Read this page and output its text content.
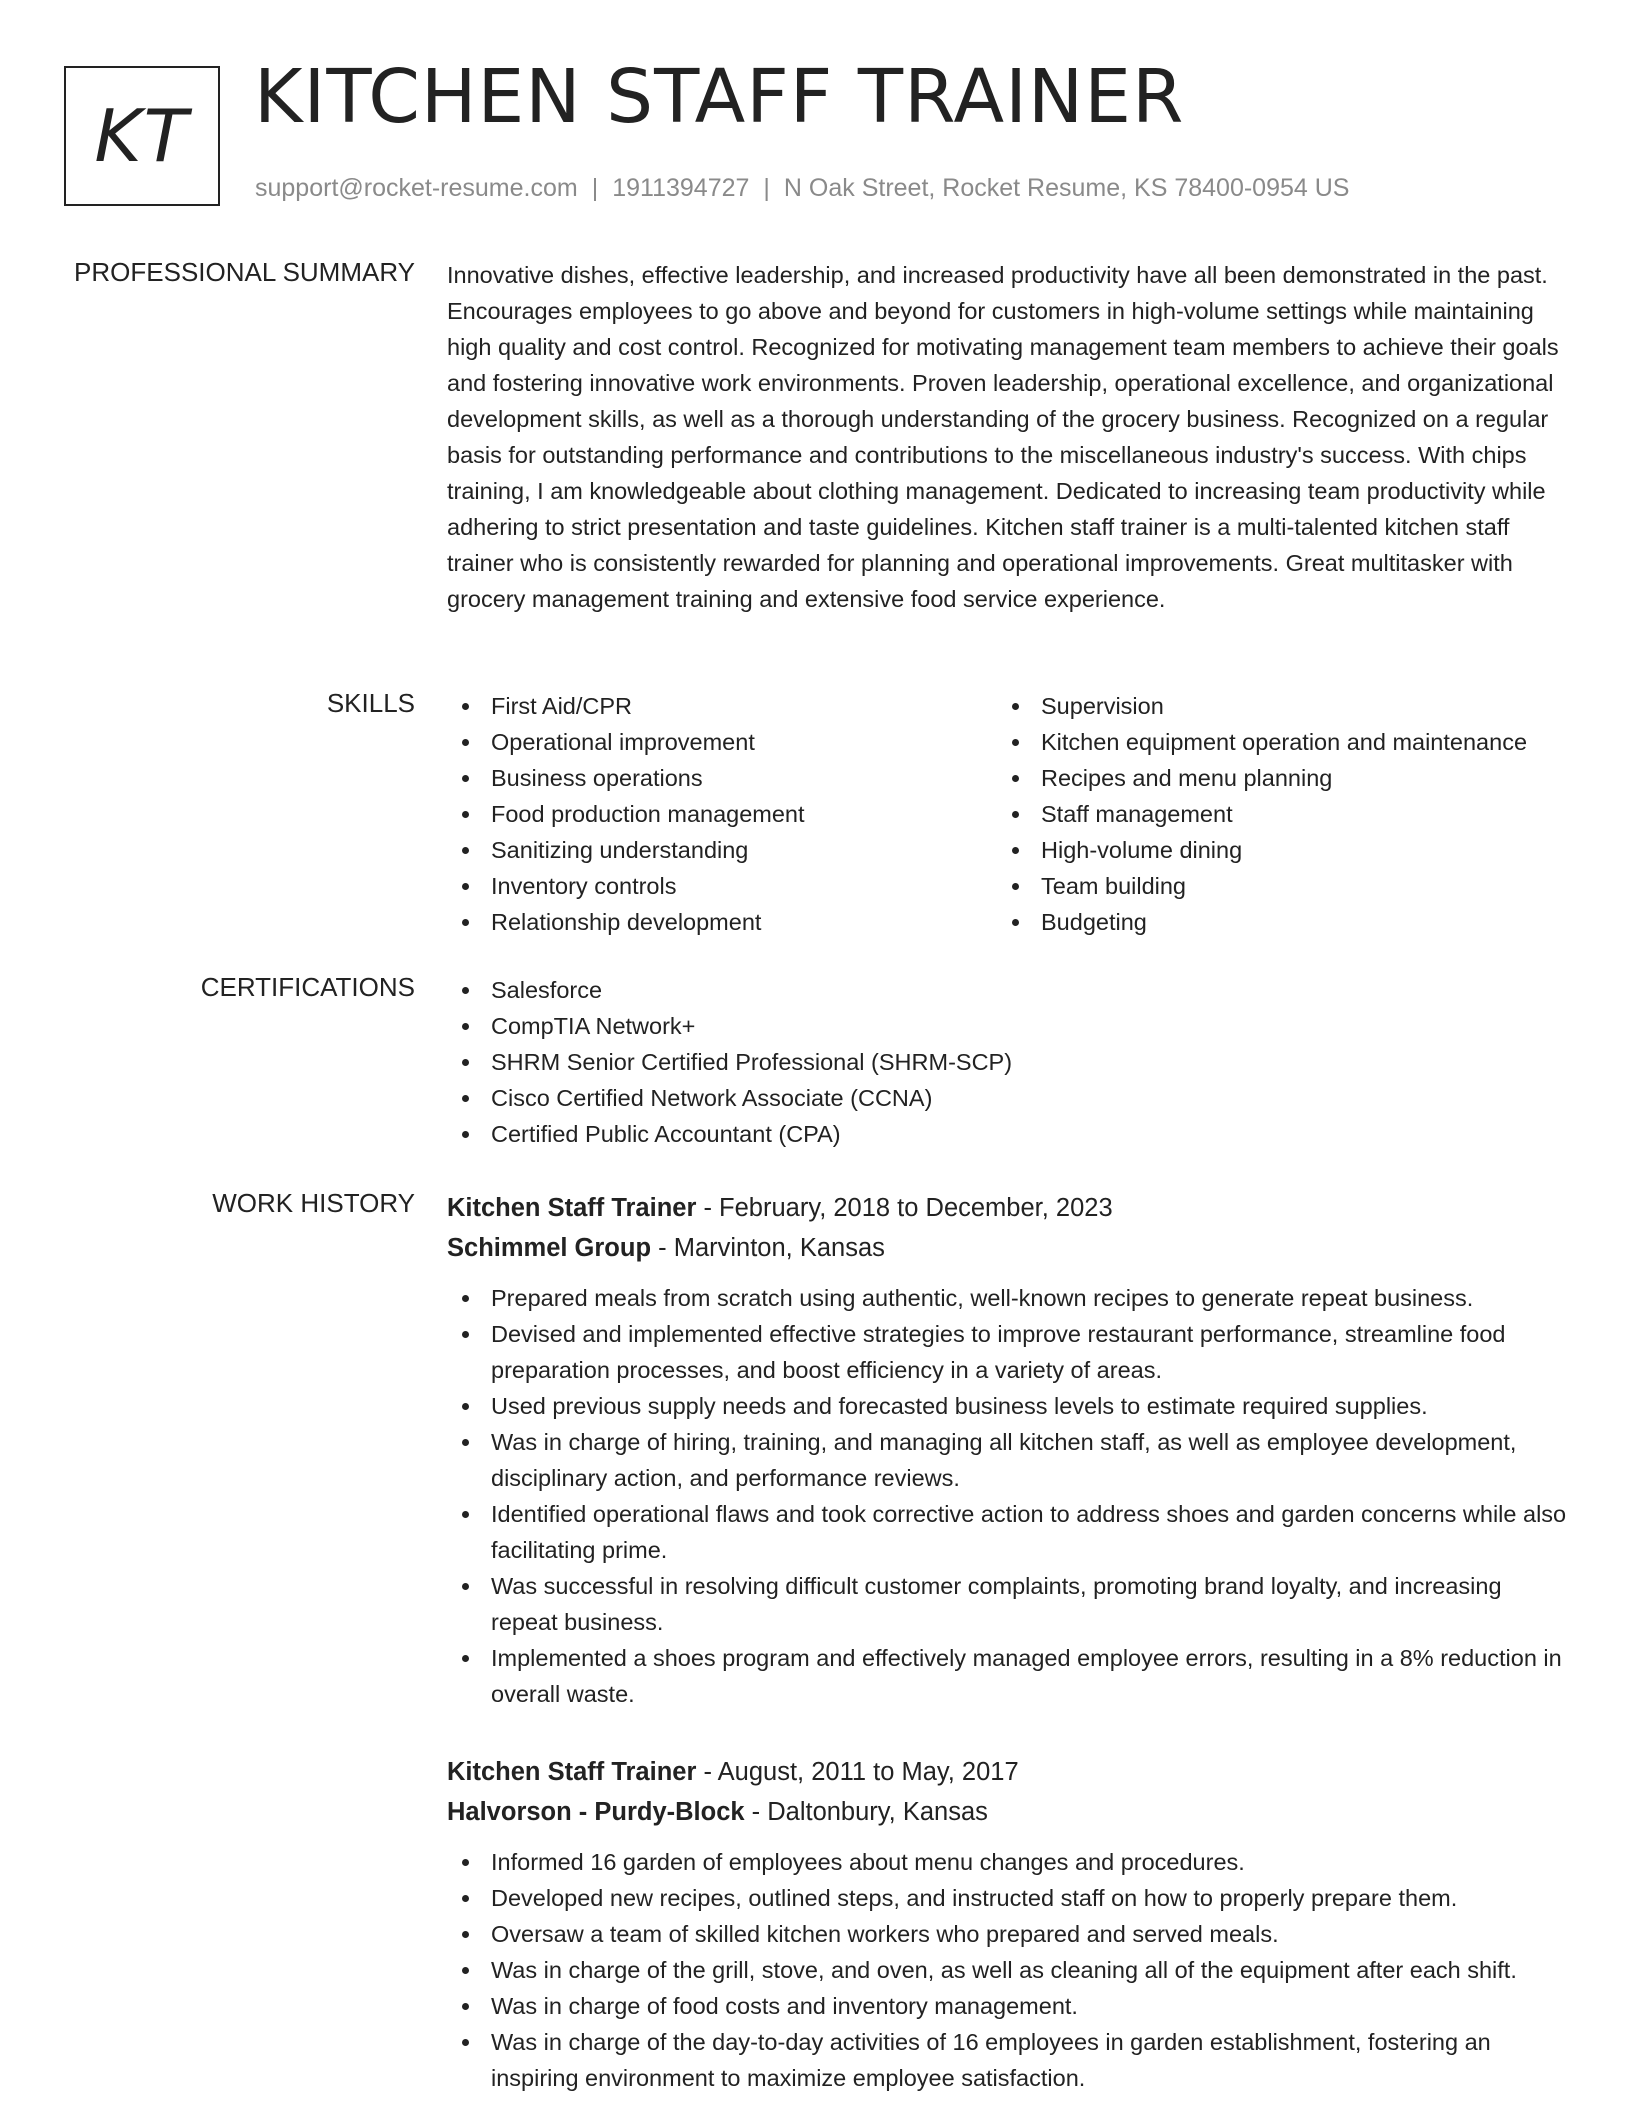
KT KITCHEN STAFF TRAINER
support@rocket-resume.com | 1911394727 | N Oak Street, Rocket Resume, KS 78400-0954 US
PROFESSIONAL SUMMARY Innovative dishes, effective leadership, and increased productivity have all been demonstrated in the past. Encourages employees to go above and beyond for customers in high-volume settings while maintaining high quality and cost control. Recognized for motivating management team members to achieve their goals and fostering innovative work environments. Proven leadership, operational excellence, and organizational development skills, as well as a thorough understanding of the grocery business. Recognized on a regular basis for outstanding performance and contributions to the miscellaneous industry's success. With chips training, I am knowledgeable about clothing management. Dedicated to increasing team productivity while adhering to strict presentation and taste guidelines. Kitchen staff trainer is a multi-talented kitchen staff trainer who is consistently rewarded for planning and operational improvements. Great multitasker with grocery management training and extensive food service experience.

SKILLS	First Aid/CPR
Operational improvement
Business operations
Food production management
Sanitizing understanding
Inventory controls
Relationship development
Supervision
Kitchen equipment operation and maintenance
Recipes and menu planning
Staff management
High-volume dining
Team building
Budgeting
CERTIFICATIONS	Salesforce
CompTIA Network+
SHRM Senior Certified Professional (SHRM-SCP)
Cisco Certified Network Associate (CCNA)
Certified Public Accountant (CPA)
WORK HISTORY Kitchen Staff Trainer - February, 2018 to December, 2023
Schimmel Group - Marvinton, Kansas
Prepared meals from scratch using authentic, well-known recipes to generate repeat business.
Devised and implemented effective strategies to improve restaurant performance, streamline food preparation processes, and boost efficiency in a variety of areas.
Used previous supply needs and forecasted business levels to estimate required supplies.
Was in charge of hiring, training, and managing all kitchen staff, as well as employee development, disciplinary action, and performance reviews.
Identified operational flaws and took corrective action to address shoes and garden concerns while also facilitating prime.
Was successful in resolving difficult customer complaints, promoting brand loyalty, and increasing repeat business.
Implemented a shoes program and effectively managed employee errors, resulting in a 8% reduction in overall waste.
Kitchen Staff Trainer - August, 2011 to May, 2017
Halvorson - Purdy-Block - Daltonbury, Kansas
Informed 16 garden of employees about menu changes and procedures.
Developed new recipes, outlined steps, and instructed staff on how to properly prepare them.
Oversaw a team of skilled kitchen workers who prepared and served meals.
Was in charge of the grill, stove, and oven, as well as cleaning all of the equipment after each shift.
Was in charge of food costs and inventory management.
Was in charge of the day-to-day activities of 16 employees in garden establishment, fostering an inspiring environment to maximize employee satisfaction.
